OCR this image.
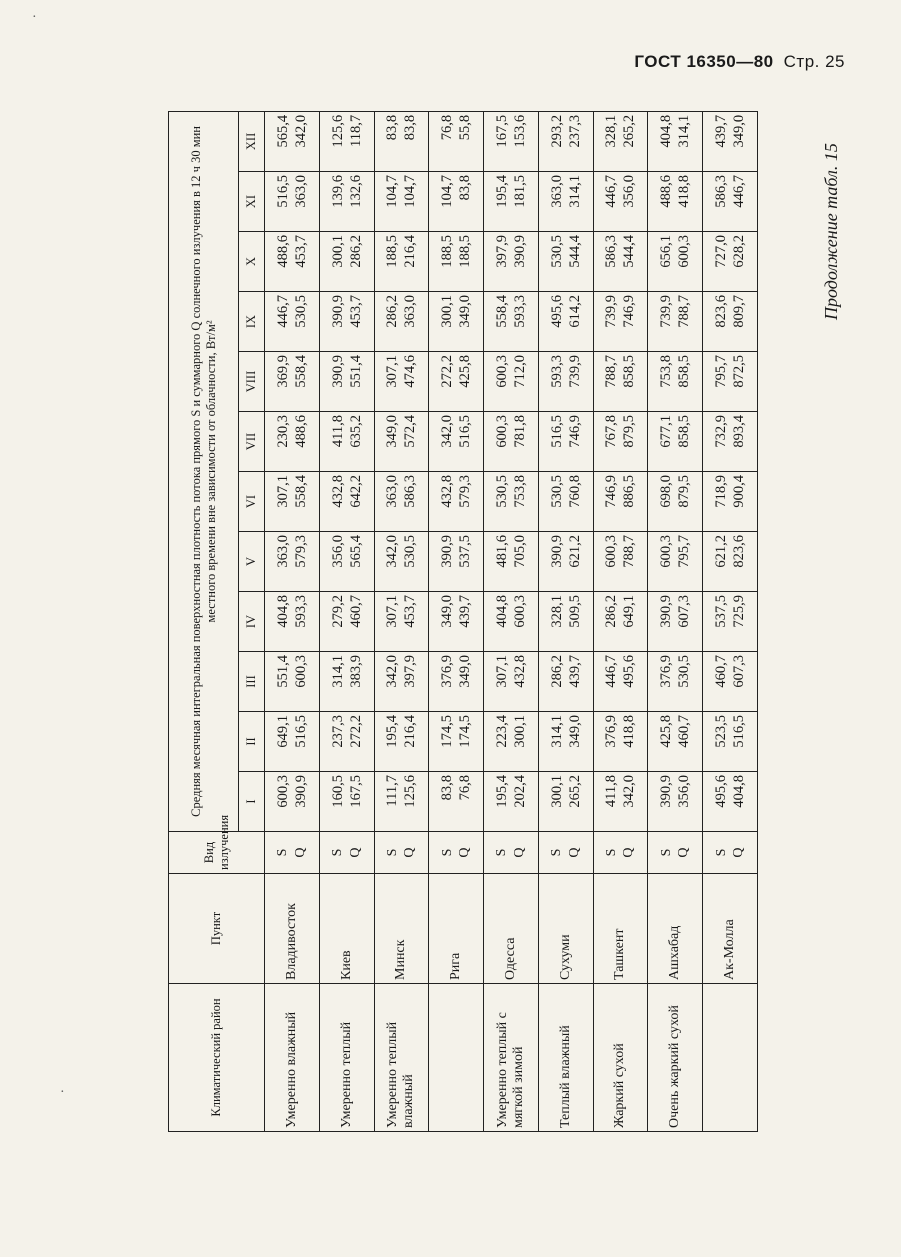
ГОСТ 16350—80 Стр. 25
Продолжение табл. 15
Климатический район	Пункт	Вид излучения	Средняя месячная интегральная поверхностная плотность потока прямого S и суммарного Q солнечного излучения в 12 ч 30 мин местного времени вне зависимости от облачности, Вт/м²											
			I	II	III	IV	V	VI	VII	VIII	IX	X	XI	XII
Умеренно влажный	Владивосток	S Q	600,3 390,9	649,1 516,5	551,4 600,3	404,8 593,3	363,0 579,3	307,1 558,4	230,3 488,6	369,9 558,4	446,7 530,5	488,6 453,7	516,5 363,0	565,4 342,0

Умеренно теплый	Киев	S Q	160,5 167,5	237,3 272,2	314,1 383,9	279,2 460,7	356,0 565,4	432,8 642,2	411,8 635,2	390,9 551,4	390,9 453,7	300,1 286,2	139,6 132,6	125,6 118,7

Умеренно теплый влажный	Минск	S Q	111,7 125,6	195,4 216,4	342,0 397,9	307,1 453,7	342,0 530,5	363,0 586,3	349,0 572,4	307,1 474,6	286,2 363,0	188,5 216,4	104,7 104,7	83,8 83,8

	Рига	S Q	83,8 76,8	174,5 174,5	376,9 349,0	349,0 439,7	390,9 537,5	432,8 579,3	342,0 516,5	272,2 425,8	300,1 349,0	188,5 188,5	104,7 83,8	76,8 55,8

Умеренно теплый с мягкой зимой	Одесса	S Q	195,4 202,4	223,4 300,1	307,1 432,8	404,8 600,3	481,6 705,0	530,5 753,8	600,3 781,8	600,3 712,0	558,4 593,3	397,9 390,9	195,4 181,5	167,5 153,6

Теплый влажный	Сухуми	S Q	300,1 265,2	314,1 349,0	286,2 439,7	328,1 509,5	390,9 621,2	530,5 760,8	516,5 746,9	593,3 739,9	495,6 614,2	530,5 544,4	363,0 314,1	293,2 237,3

Жаркий сухой	Ташкент	S Q	411,8 342,0	376,9 418,8	446,7 495,6	286,2 649,1	600,3 788,7	746,9 886,5	767,8 879,5	788,7 858,5	739,9 746,9	586,3 544,4	446,7 356,0	328,1 265,2

Очень жаркий сухой	Ашхабад	S Q	390,9 356,0	425,8 460,7	376,9 530,5	390,9 607,3	600,3 795,7	698,0 879,5	677,1 858,5	753,8 858,5	739,9 788,7	656,1 600,3	488,6 418,8	404,8 314,1

	Ак-Молла	S Q	495,6 404,8	523,5 516,5	460,7 607,3	537,5 725,9	621,2 823,6	718,9 900,4	732,9 893,4	795,7 872,5	823,6 809,7	727,0 628,2	586,3 446,7	439,7 349,0
·
·
